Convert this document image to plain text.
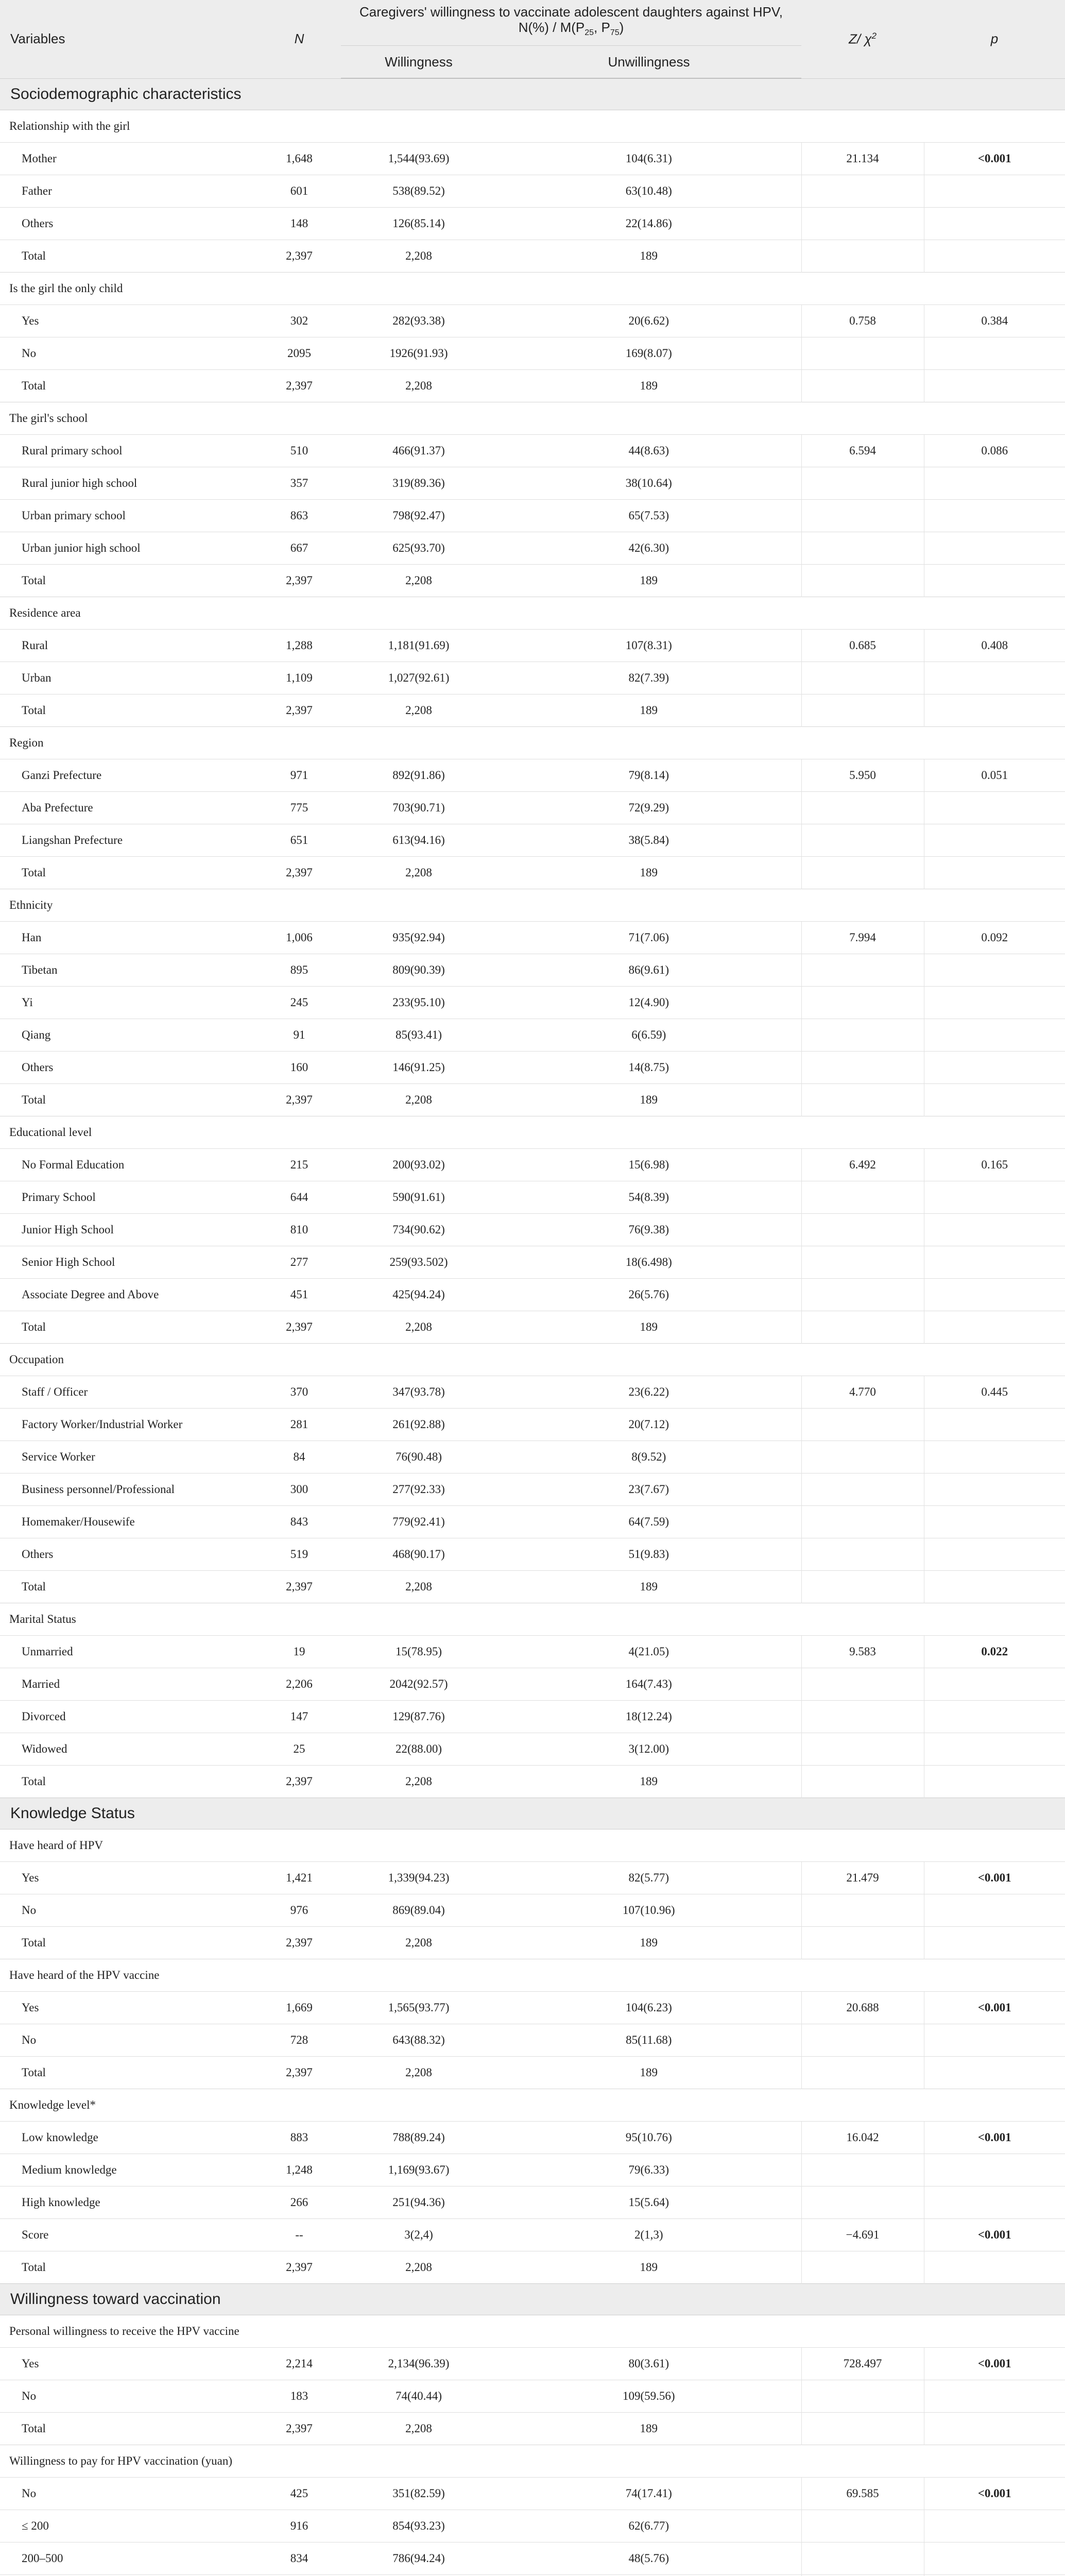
Variables	N	Caregivers' willingness to vaccinate adolescent daughters against HPV, $N(\%) / M(P_{25}$, $P_{75}$)		Z/ $\chi^2$	p
		Willingness	Unwillingness		
Sociodemographic characteristics					
Relationship with the girl					
Mother	1,648	1,544(93.69)	104(6.31)	21.134	<0.001
Father	601	538(89.52)	63(10.48)		
Others	148	126(85.14)	22(14.86)		
Total	2,397	2,208	189		
Is the girl the only child					
Yes	302	282(93.38)	20(6.62)	0.758	0.384
No	2095	1926(91.93)	169(8.07)		
Total	2,397	2,208	189		
The girl's school					
Rural primary school	510	466(91.37)	44(8.63)	6.594	0.086
Rural junior high school	357	319(89.36)	38(10.64)		
Urban primary school	863	798(92.47)	65(7.53)		
Urban junior high school	667	625(93.70)	42(6.30)		
Total	2,397	2,208	189		
Residence area					
Rural	1,288	1,181(91.69)	107(8.31)	0.685	0.408
Urban	1,109	1,027(92.61)	82(7.39)		
Total	2,397	2,208	189		
Region					
Ganzi Prefecture	971	892(91.86)	79(8.14)	5.950	0.051
Aba Prefecture	775	703(90.71)	72(9.29)		
Liangshan Prefecture	651	613(94.16)	38(5.84)		
Total	2,397	2,208	189		
Ethnicity					
Han	1,006	935(92.94)	71(7.06)	7.994	0.092
Tibetan	895	809(90.39)	86(9.61)		
Yi	245	233(95.10)	12(4.90)		
Qiang	91	85(93.41)	6(6.59)		
Others	160	146(91.25)	14(8.75)		
Total	2,397	2,208	189		
Educational level					
No Formal Education	215	200(93.02)	15(6.98)	6.492	0.165
Primary School	644	590(91.61)	54(8.39)		
Junior High School	810	734(90.62)	76(9.38)		
Senior High School	277	259(93.502)	18(6.498)		
Associate Degree and Above	451	425(94.24)	26(5.76)		
Total	2,397	2,208	189		
Occupation					
Staff / Officer	370	347(93.78)	23(6.22)	4.770	0.445
Factory Worker/Industrial Worker	281	261(92.88)	20(7.12)		
Service Worker	84	76(90.48)	8(9.52)		
Business personnel/Professional	300	277(92.33)	23(7.67)		
Homemaker/Housewife	843	779(92.41)	64(7.59)		
Others	519	468(90.17)	51(9.83)		
Total	2,397	2,208	189		
Marital Status					
Unmarried	19	15(78.95)	4(21.05)	9.583	0.022
Married	2,206	2042(92.57)	164(7.43)		
Divorced	147	129(87.76)	18(12.24)		
Widowed	25	22(88.00)	3(12.00)		
Total	2,397	2,208	189		
Knowledge Status					
Have heard of HPV					
Yes	1,421	1,339(94.23)	82(5.77)	21.479	<0.001
No	976	869(89.04)	107(10.96)		
Total	2,397	2,208	189		
Have heard of the HPV vaccine					
Yes	1,669	1,565(93.77)	104(6.23)	20.688	<0.001
No	728	643(88.32)	85(11.68)		
Total	2,397	2,208	189		
Knowledge level*					
Low knowledge	883	788(89.24)	95(10.76)	16.042	<0.001
Medium knowledge	1,248	1,169(93.67)	79(6.33)		
High knowledge	266	251(94.36)	15(5.64)		
Score	--	3(2,4)	2(1,3)	−4.691	<0.001
Total	2,397	2,208	189		
Willingness toward vaccination					
Personal willingness to receive the HPV vaccine					
Yes	2,214	2,134(96.39)	80(3.61)	728.497	<0.001
No	183	74(40.44)	109(59.56)		
Total	2,397	2,208	189		
Willingness to pay for HPV vaccination (yuan)					
No	425	351(82.59)	74(17.41)	69.585	<0.001
≤ 200	916	854(93.23)	62(6.77)		
200–500	834	786(94.24)	48(5.76)		
